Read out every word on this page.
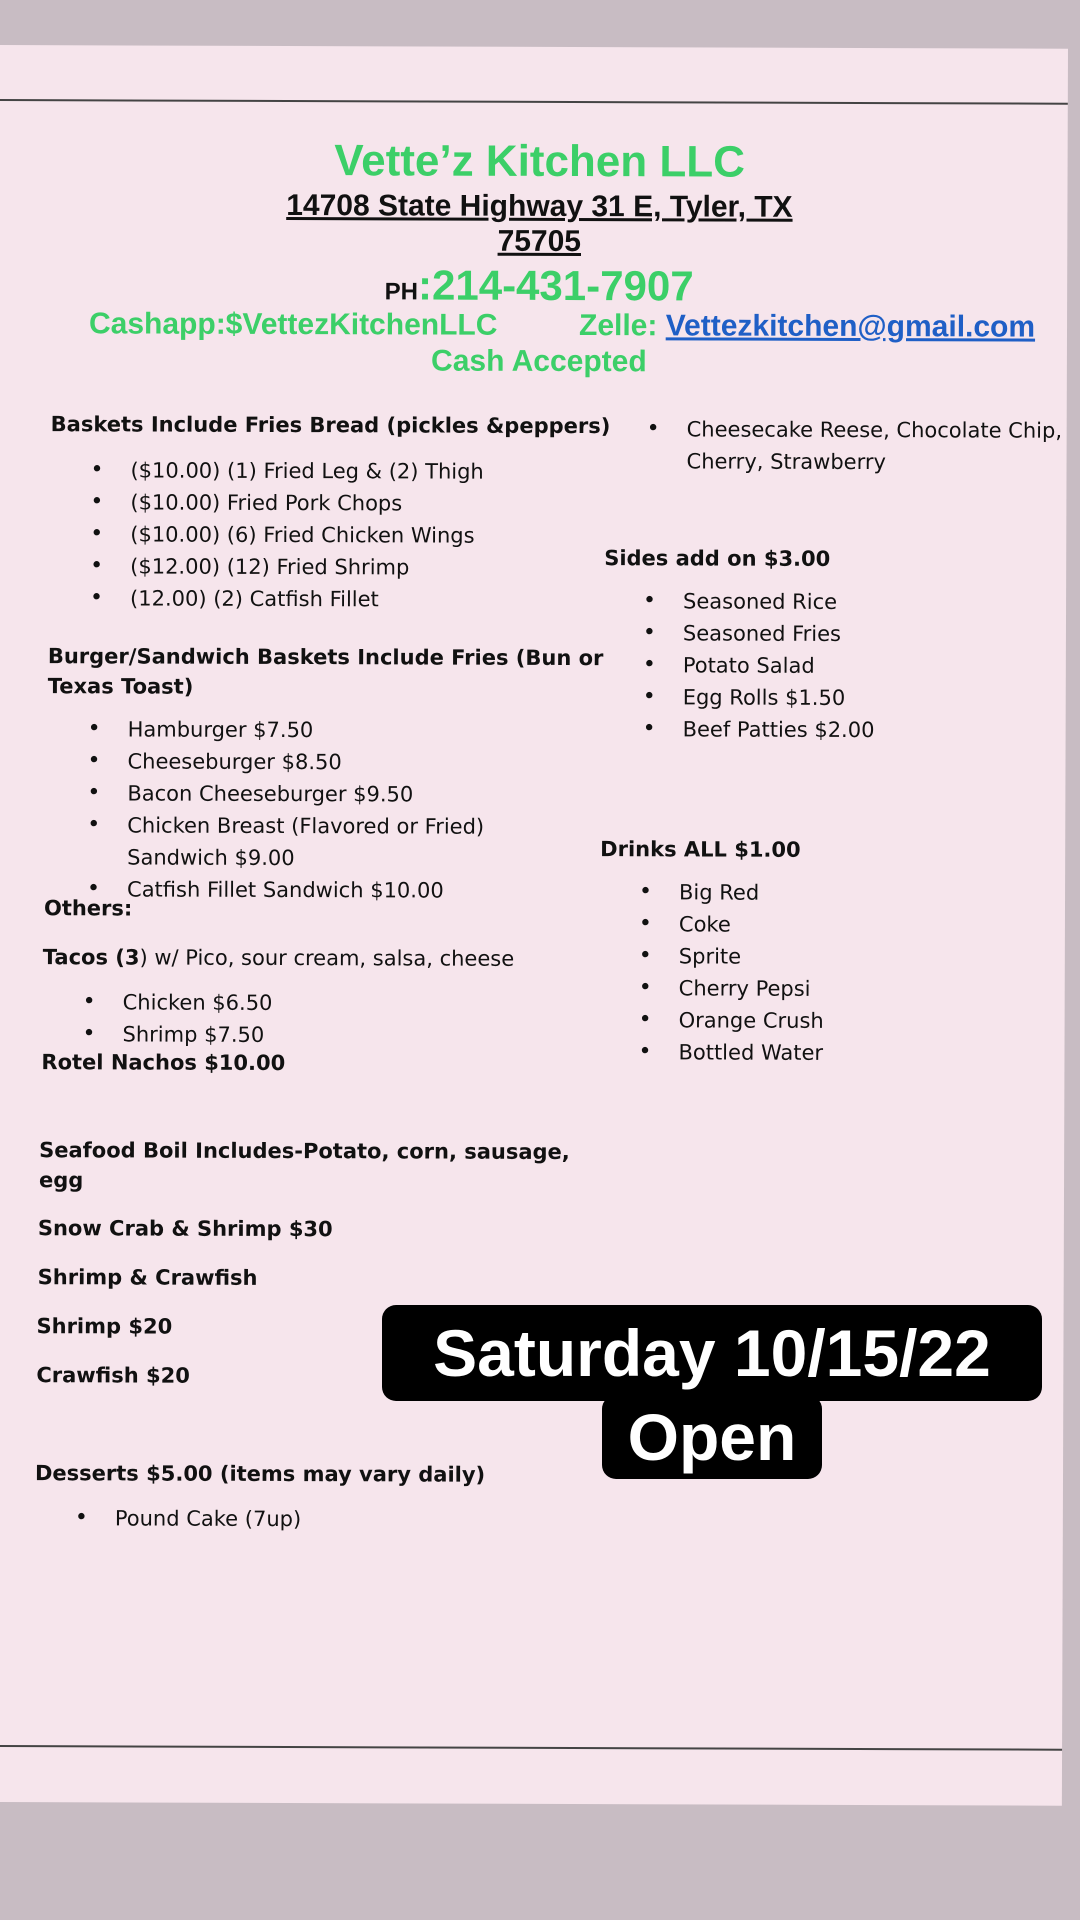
Vette’z Kitchen LLC
14708 State Highway 31 E, Tyler, TX
75705
PH:214-431-7907
Cashapp:$VettezKitchenLLC	Zelle: Vettezkitchen@gmail.com
Cash Accepted
Baskets Include Fries Bread (pickles &peppers)
• ($10.00) (1) Fried Leg & (2) Thigh
• ($10.00) Fried Pork Chops
• ($10.00) (6) Fried Chicken Wings
• ($12.00) (12) Fried Shrimp
• (12.00) (2) Catfish Fillet
Burger/Sandwich Baskets Include Fries (Bun or
Texas Toast)
• Hamburger $7.50
• Cheeseburger $8.50
• Bacon Cheeseburger $9.50
• Chicken Breast (Flavored or Fried)
Sandwich $9.00
• Catfish Fillet Sandwich $10.00
Others:
Tacos (3) w/ Pico, sour cream, salsa, cheese
• Chicken $6.50
• Shrimp $7.50
Rotel Nachos $10.00
Seafood Boil Includes-Potato, corn, sausage,
egg
Snow Crab & Shrimp $30
Shrimp & Crawfish
Shrimp $20
Crawfish $20
Desserts $5.00 (items may vary daily)
• Pound Cake (7up)
• Cheesecake Reese, Chocolate Chip,
Cherry, Strawberry
Sides add on $3.00
• Seasoned Rice
• Seasoned Fries
• Potato Salad
• Egg Rolls $1.50
• Beef Patties $2.00
Drinks ALL $1.00
• Big Red
• Coke
• Sprite
• Cherry Pepsi
• Orange Crush
• Bottled Water
Saturday 10/15/22
Open
